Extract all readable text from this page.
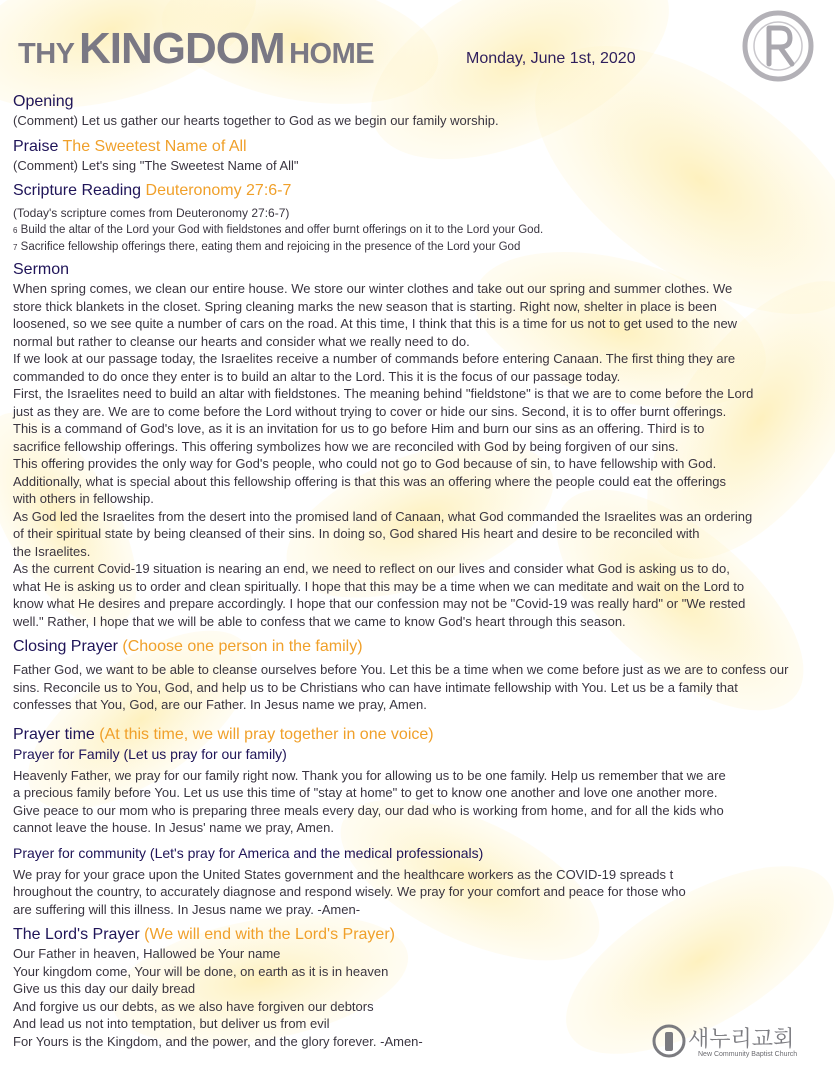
THY KINGDOM HOME	Monday, June 1st, 2020
Opening
(Comment) Let us gather our hearts together to God as we begin our family worship.
Praise The Sweetest Name of All
(Comment) Let's sing "The Sweetest Name of All"
Scripture Reading Deuteronomy 27:6-7
(Today's scripture comes from Deuteronomy 27:6-7)
$^6$ Build the altar of the Lord your God with fieldstones and offer burnt offerings on it to the Lord your God.
$^7$ Sacrifice fellowship offerings there, eating them and rejoicing in the presence of the Lord your God
Sermon
When spring comes, we clean our entire house. We store our winter clothes and take out our spring and summer clothes. We
store thick blankets in the closet. Spring cleaning marks the new season that is starting. Right now, shelter in place is been
loosened, so we see quite a number of cars on the road. At this time, I think that this is a time for us not to get used to the new
normal but rather to cleanse our hearts and consider what we really need to do.
If we look at our passage today, the Israelites receive a number of commands before entering Canaan. The first thing they are
commanded to do once they enter is to build an altar to the Lord. This it is the focus of our passage today.
First, the Israelites need to build an altar with fieldstones. The meaning behind "fieldstone" is that we are to come before the Lord
just as they are. We are to come before the Lord without trying to cover or hide our sins. Second, it is to offer burnt offerings.
This is a command of God's love, as it is an invitation for us to go before Him and burn our sins as an offering. Third is to
sacrifice fellowship offerings. This offering symbolizes how we are reconciled with God by being forgiven of our sins.
This offering provides the only way for God's people, who could not go to God because of sin, to have fellowship with God.
Additionally, what is special about this fellowship offering is that this was an offering where the people could eat the offerings
with others in fellowship.
As God led the Israelites from the desert into the promised land of Canaan, what God commanded the Israelites was an ordering
of their spiritual state by being cleansed of their sins. In doing so, God shared His heart and desire to be reconciled with
the Israelites.
As the current Covid-19 situation is nearing an end, we need to reflect on our lives and consider what God is asking us to do,
what He is asking us to order and clean spiritually. I hope that this may be a time when we can meditate and wait on the Lord to
know what He desires and prepare accordingly. I hope that our confession may not be "Covid-19 was really hard" or "We rested
well." Rather, I hope that we will be able to confess that we came to know God's heart through this season.
Closing Prayer (Choose one person in the family)
Father God, we want to be able to cleanse ourselves before You. Let this be a time when we come before just as we are to confess our
sins. Reconcile us to You, God, and help us to be Christians who can have intimate fellowship with You. Let us be a family that
confesses that You, God, are our Father. In Jesus name we pray, Amen.
Prayer time (At this time, we will pray together in one voice)
Prayer for Family (Let us pray for our family)
Heavenly Father, we pray for our family right now. Thank you for allowing us to be one family. Help us remember that we are
a precious family before You. Let us use this time of "stay at home" to get to know one another and love one another more.
Give peace to our mom who is preparing three meals every day, our dad who is working from home, and for all the kids who
cannot leave the house. In Jesus' name we pray, Amen.
Prayer for community (Let's pray for America and the medical professionals)
We pray for your grace upon the United States government and the healthcare workers as the COVID-19 spreads t
hroughout the country, to accurately diagnose and respond wisely. We pray for your comfort and peace for those who
are suffering will this illness. In Jesus name we pray. -Amen-
The Lord's Prayer (We will end with the Lord's Prayer)
Our Father in heaven, Hallowed be Your name
Your kingdom come, Your will be done, on earth as it is in heaven
Give us this day our daily bread
And forgive us our debts, as we also have forgiven our debtors
And lead us not into temptation, but deliver us from evil
For Yours is the Kingdom, and the power, and the glory forever. -Amen-	새누리교회
New Community Baptist Church
